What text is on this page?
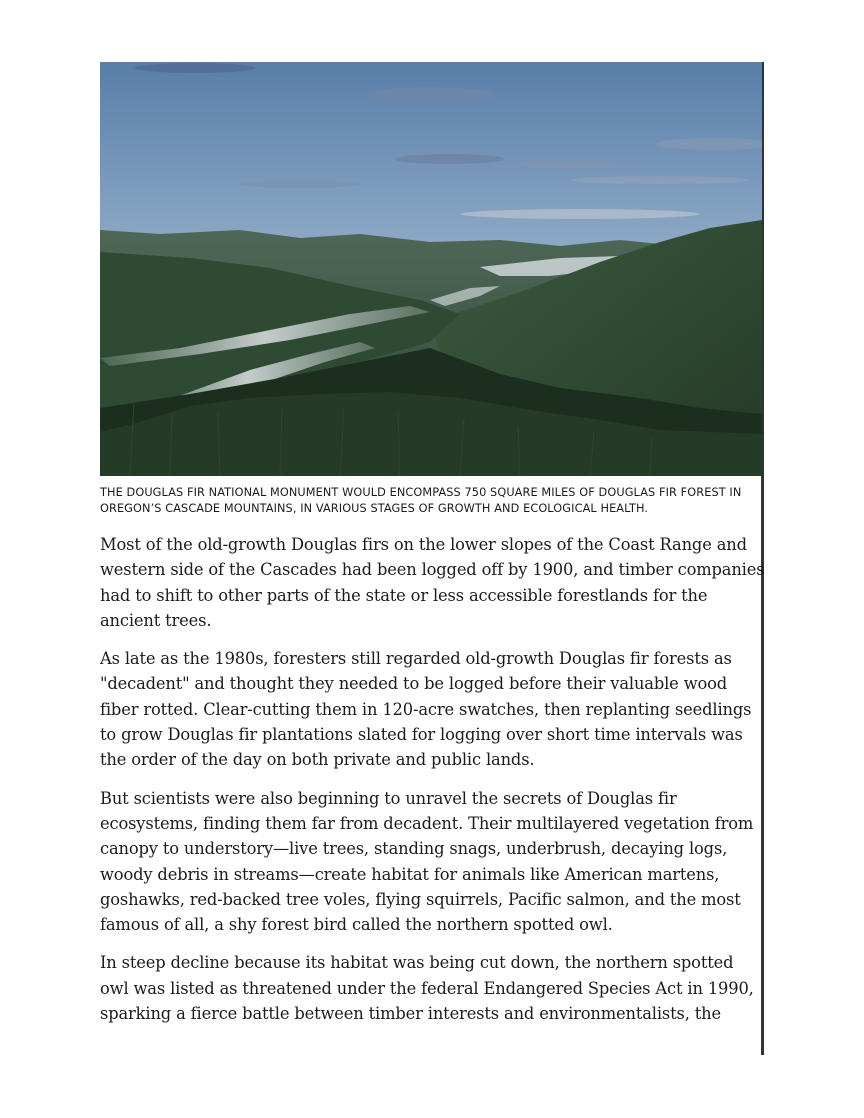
THE DOUGLAS FIR NATIONAL MONUMENT WOULD ENCOMPASS 750 SQUARE MILES OF DOUGLAS FIR FOREST IN OREGON’S CASCADE MOUNTAINS, IN VARIOUS STAGES OF GROWTH AND ECOLOGICAL HEALTH.

Most of the old-growth Douglas firs on the lower slopes of the Coast Range and western side of the Cascades had been logged off by 1900, and timber companies had to shift to other parts of the state or less accessible forestlands for the ancient trees.

As late as the 1980s, foresters still regarded old-growth Douglas fir forests as "decadent" and thought they needed to be logged before their valuable wood fiber rotted. Clear-cutting them in 120-acre swatches, then replanting seedlings to grow Douglas fir plantations slated for logging over short time intervals was the order of the day on both private and public lands.

But scientists were also beginning to unravel the secrets of Douglas fir ecosystems, finding them far from decadent. Their multilayered vegetation from canopy to understory—live trees, standing snags, underbrush, decaying logs, woody debris in streams—create habitat for animals like American martens, goshawks, red-backed tree voles, flying squirrels, Pacific salmon, and the most famous of all, a shy forest bird called the northern spotted owl.

In steep decline because its habitat was being cut down, the northern spotted owl was listed as threatened under the federal Endangered Species Act in 1990, sparking a fierce battle between timber interests and environmentalists, the
